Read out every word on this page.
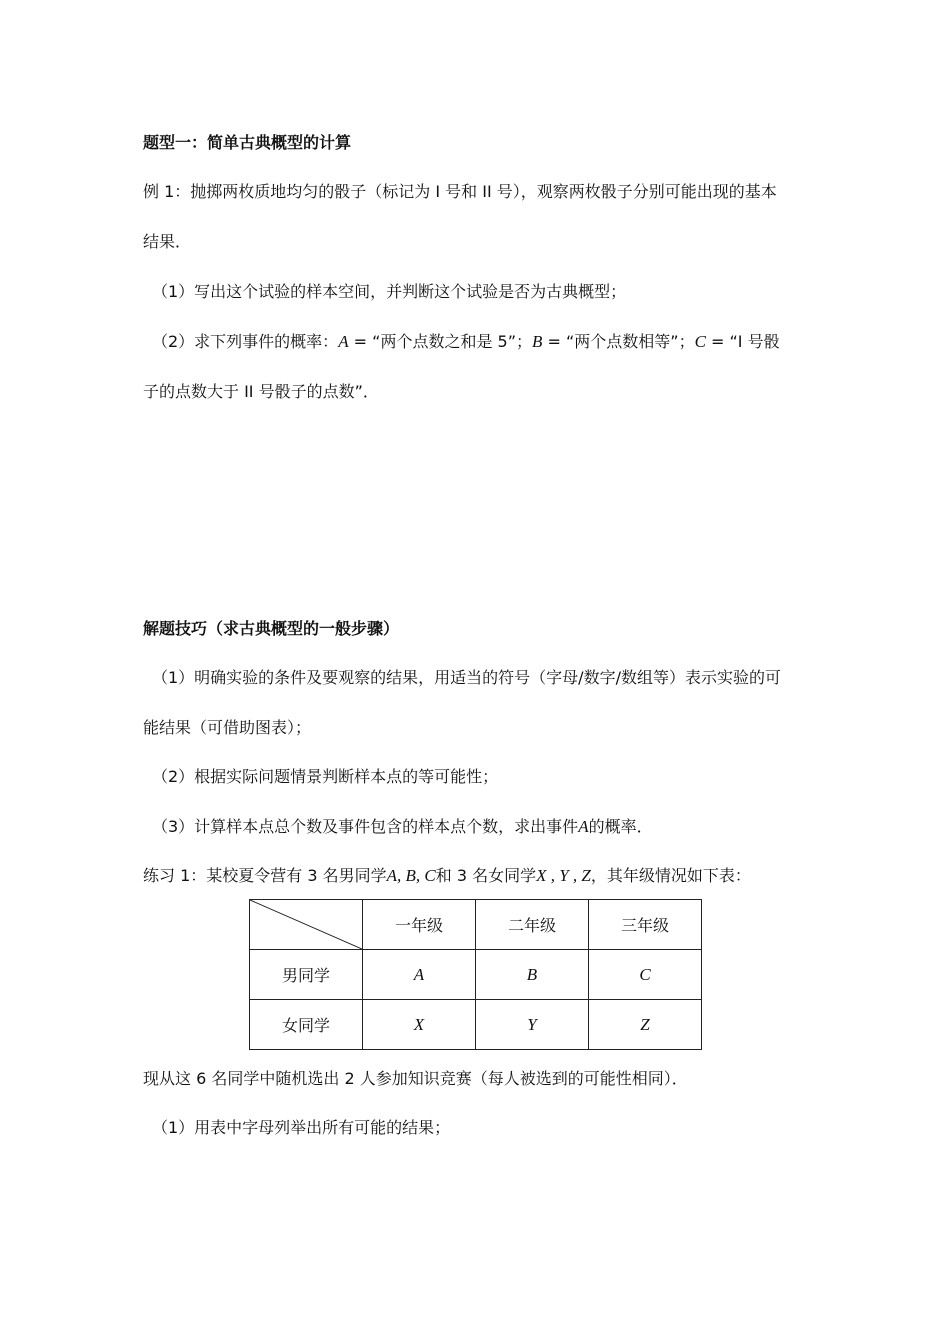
题型一：简单古典概型的计算
例 1：抛掷两枚质地均匀的骰子（标记为 I 号和 II 号），观察两枚骰子分别可能出现的基本
结果．
（1）写出这个试验的样本空间，并判断这个试验是否为古典概型；
（2）求下列事件的概率：A = “两个点数之和是 5”；B = “两个点数相等”；C = “I 号骰
子的点数大于 II 号骰子的点数”．
解题技巧（求古典概型的一般步骤）
（1）明确实验的条件及要观察的结果，用适当的符号（字母/数字/数组等）表示实验的可
能结果（可借助图表）；
（2）根据实际问题情景判断样本点的等可能性；
（3）计算样本点总个数及事件包含的样本点个数，求出事件A的概率．
练习 1：某校夏令营有 3 名男同学A, B, C和 3 名女同学X , Y , Z，其年级情况如下表：
	一年级	二年级	三年级
男同学	A	B	C
女同学	X	Y	Z
现从这 6 名同学中随机选出 2 人参加知识竞赛（每人被选到的可能性相同）．
（1）用表中字母列举出所有可能的结果；
